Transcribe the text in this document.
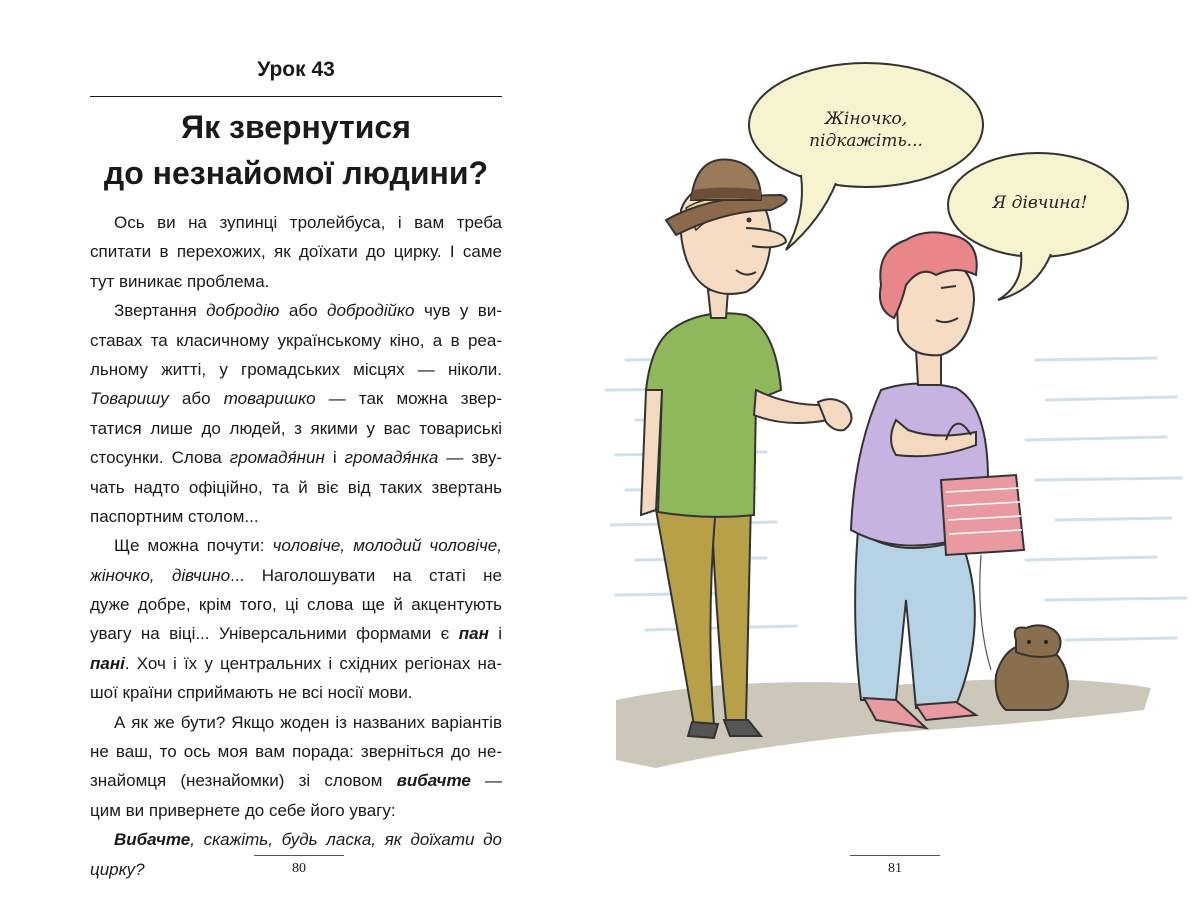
Урок 43
Як звернутися
до незнайомої людини?
Ось ви на зупинці тролейбуса, і вам треба
спитати в перехожих, як доїхати до цирку. І саме
тут виникає проблема.
Звертання добродію або добродійко чув у ви-
ставах та класичному українському кіно, а в реа-
льному житті, у громадських місцях — ніколи.
Товаришу або товаришко — так можна звер-
татися лише до людей, з якими у вас товариські
стосунки. Слова громадя́нин і громадя́нка — зву-
чать надто офіційно, та й віє від таких звертань
паспортним столом...
Ще можна почути: чоловіче, молодий чоловіче,
жіночко, дівчино... Наголошувати на статі не
дуже добре, крім того, ці слова ще й акцентують
увагу на віці... Універсальними формами є пан і
пані. Хоч і їх у центральних і східних регіонах на-
шої країни сприймають не всі носії мови.
А як же бути? Якщо жоден із названих варіантів
не ваш, то ось моя вам порада: зверніться до не-
знайомця (незнайомки) зі словом вибачте —
цим ви привернете до себе його увагу:
Вибачте, скажіть, будь ласка, як доїхати до
цирку?	80
Жіночко,
підкажіть...
Я дівчина!
81
